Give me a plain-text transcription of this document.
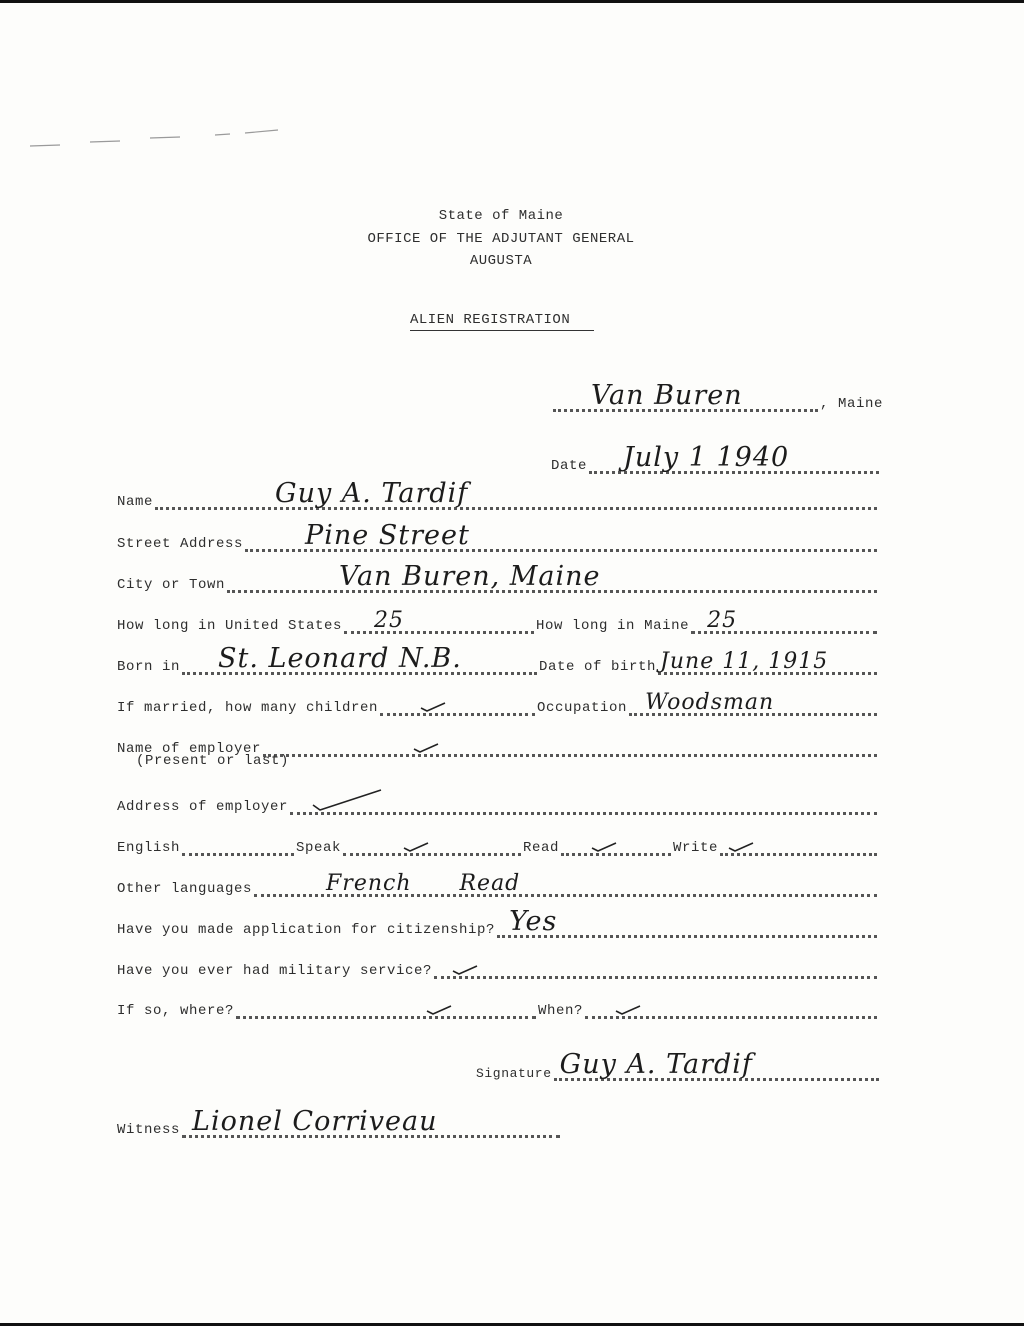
State of Maine
OFFICE OF THE ADJUTANT GENERAL
AUGUSTA
ALIEN REGISTRATION
Van Buren	, Maine
Date July 1 1940
Name	Guy A. Tardif
Street Address Pine Street
City or Town	Van Buren, Maine
How long in United States 25	How long in Maine 25
Born in St. Leonard N.B.	Date of birth June 11, 1915
If married, how many children	Occupation Woodsman
Name of employer
(Present or last)
Address of employer
English	Speak	Read	Write
Other languages	French Read
Have you made application for citizenship? Yes
Have you ever had military service?
If so, where?	When?
Signature Guy A. Tardif
Witness Lionel Corriveau
